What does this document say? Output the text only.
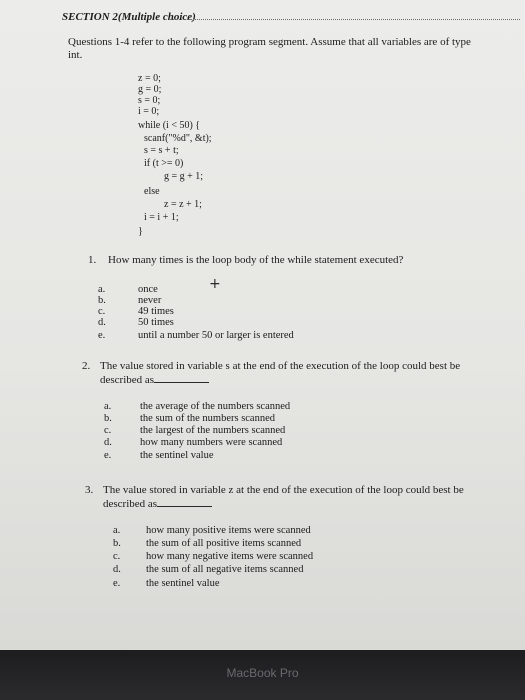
SECTION 2(Multiple choice)
Questions 1-4 refer to the following program segment. Assume that all variables are of type
int.
z = 0;
g = 0;
s = 0;
i = 0;
while (i < 50) {
scanf("%d", &t);
s = s + t;
if (t >= 0)
g = g + 1;
else
z = z + 1;
i = i + 1;
}
1. How many times is the loop body of the while statement executed?
+
a.	once
b.	never
c.	49 times
d.	50 times
e.	until a number 50 or larger is entered
2. The value stored in variable s at the end of the execution of the loop could best be
described as
a.	the average of the numbers scanned
b.	the sum of the numbers scanned
c.	the largest of the numbers scanned
d.	how many numbers were scanned
e.	the sentinel value
3. The value stored in variable z at the end of the execution of the loop could best be
described as
a. how many positive items were scanned
b. the sum of all positive items scanned
c. how many negative items were scanned
d. the sum of all negative items scanned
e. the sentinel value
MacBook Pro
